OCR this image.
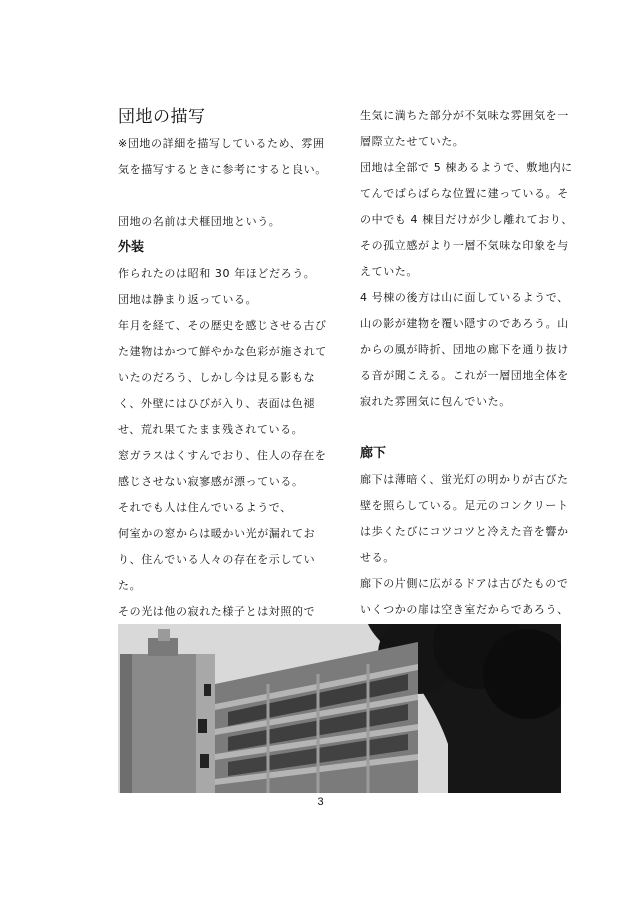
団地の描写
※団地の詳細を描写しているため、雰囲
気を描写するときに参考にすると良い。
団地の名前は犬榧団地という。
外装
作られたのは昭和 30 年ほどだろう。
団地は静まり返っている。
年月を経て、その歴史を感じさせる古び
た建物はかつて鮮やかな色彩が施されて
いたのだろう、しかし今は見る影もな
く、外壁にはひびが入り、表面は色褪
せ、荒れ果てたまま残されている。
窓ガラスはくすんでおり、住人の存在を
感じさせない寂寥感が漂っている。
それでも人は住んでいるようで、
何室かの窓からは暖かい光が漏れてお
り、住んでいる人々の存在を示してい
た。
その光は他の寂れた様子とは対照的で
生気に満ちた部分が不気味な雰囲気を一
層際立たせていた。
団地は全部で 5 棟あるようで、敷地内に
てんでばらばらな位置に建っている。そ
の中でも 4 棟目だけが少し離れており、
その孤立感がより一層不気味な印象を与
えていた。
4 号棟の後方は山に面しているようで、
山の影が建物を覆い隠すのであろう。山
からの風が時折、団地の廊下を通り抜け
る音が聞こえる。これが一層団地全体を
寂れた雰囲気に包んでいた。
廊下
廊下は薄暗く、蛍光灯の明かりが古びた
壁を照らしている。足元のコンクリート
は歩くたびにコツコツと冷えた音を響か
せる。
廊下の片側に広がるドアは古びたもので
いくつかの扉は空き室だからであろう、
3
